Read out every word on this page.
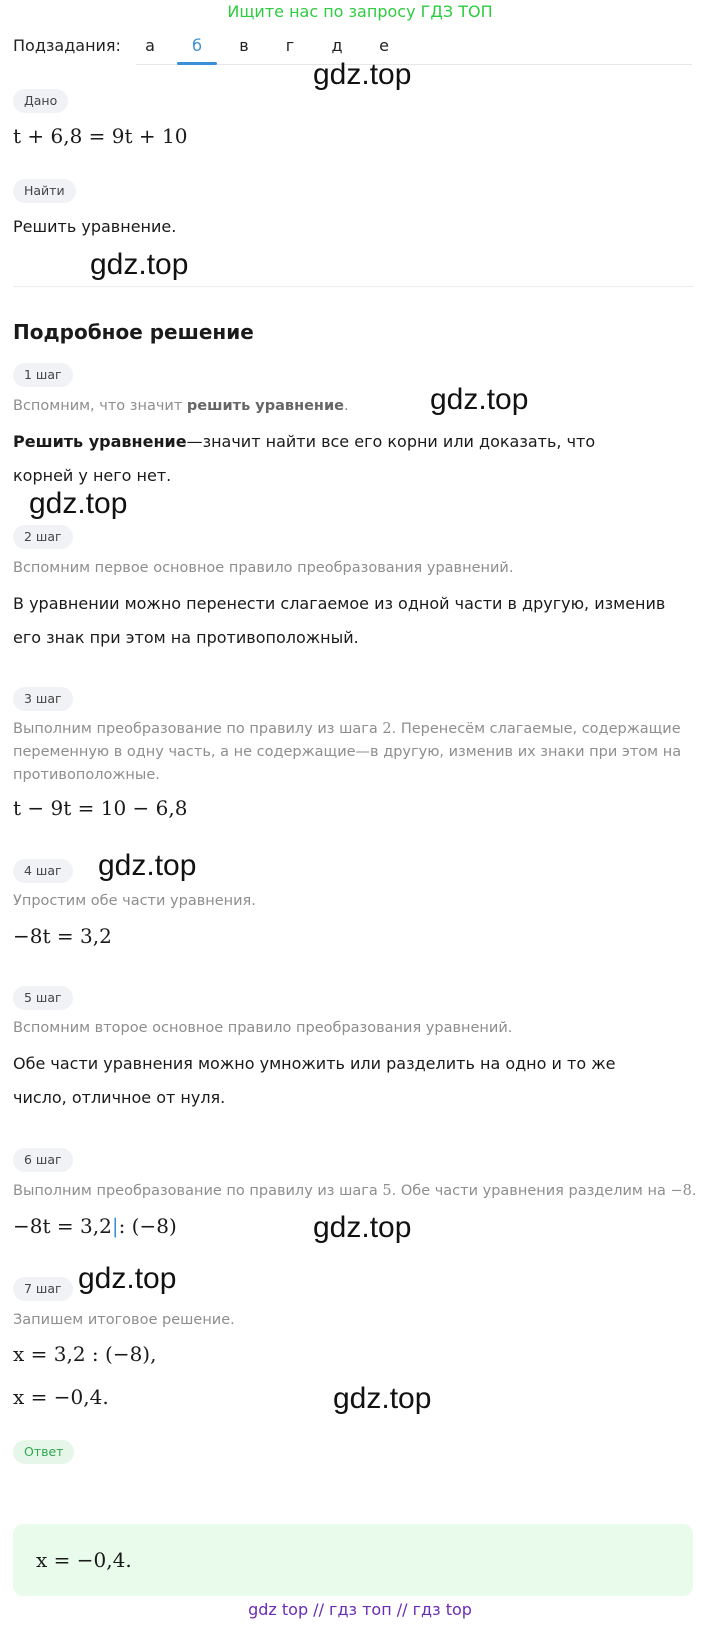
Ищите нас по запросу ГДЗ ТОП
Подзадания:	а	б	в	г	д	е
gdz.top
gdz.top
gdz.top
gdz.top
gdz.top
gdz.top
gdz.top
gdz.top
Дано
t + 6,8 = 9t + 10
Найти
Решить уравнение.
Подробное решение
1 шаг
Вспомним, что значит решить уравнение.
Решить уравнение—значит найти все его корни или доказать, что корней у него нет.
2 шаг
Вспомним первое основное правило преобразования уравнений.
В уравнении можно перенести слагаемое из одной части в другую, изменив его знак при этом на противоположный.
3 шаг
Выполним преобразование по правилу из шага 2. Перенесём слагаемые, содержащие переменную в одну часть, а не содержащие—в другую, изменив их знаки при этом на противоположные.
t − 9t = 10 − 6,8
4 шаг
Упростим обе части уравнения.
−8t = 3,2
5 шаг
Вспомним второе основное правило преобразования уравнений.
Обе части уравнения можно умножить или разделить на одно и то же число, отличное от нуля.
6 шаг
Выполним преобразование по правилу из шага 5. Обе части уравнения разделим на −8.
−8t = 3,2|: (−8)
7 шаг
Запишем итоговое решение.
x = 3,2 : (−8),
x = −0,4.
Ответ
x = −0,4.
gdz top // гдз топ // гдз top
